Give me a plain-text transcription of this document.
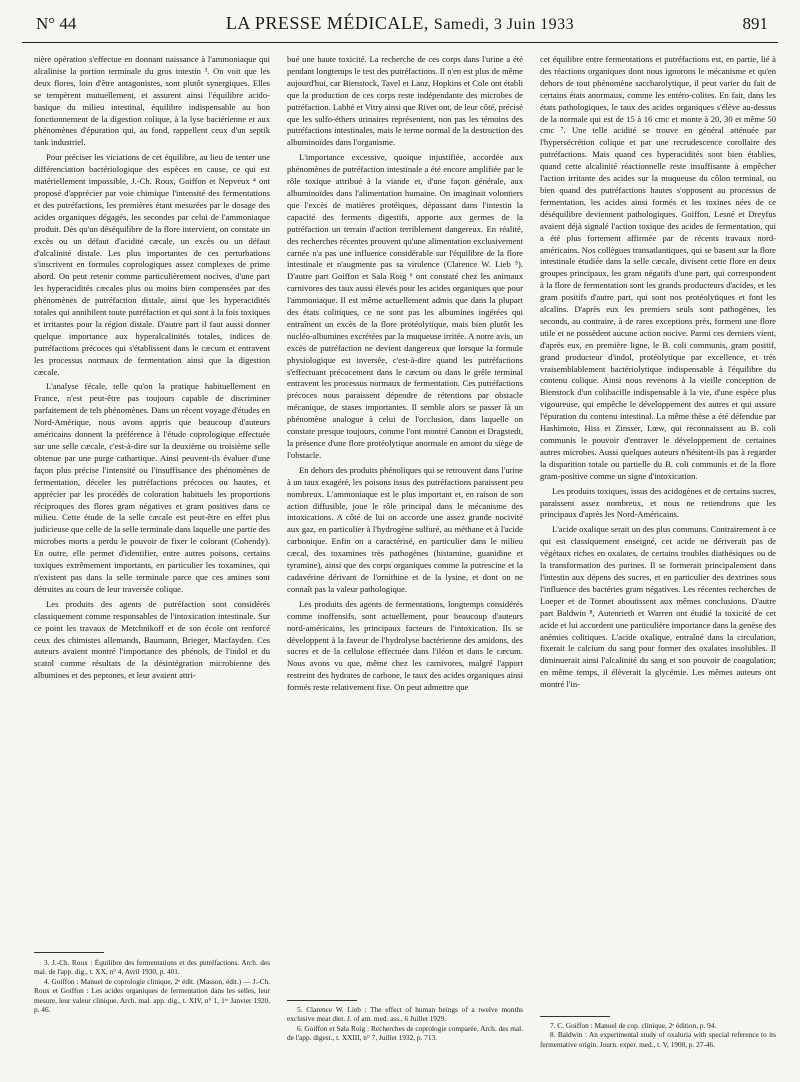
N° 44	LA PRESSE MÉDICALE, Samedi, 3 Juin 1933	891

nière opération s'effectue en donnant naissance à l'ammoniaque qui alcalinise la portion terminale du gros intestin ³. On voit que les deux flores, loin d'être antagonistes, sont plutôt synergiques. Elles se tempèrent mutuellement, et assurent ainsi l'équilibre acido-basique du milieu intestinal, équilibre indispensable au bon fonctionnement de la digestion colique, à la lyse bactérienne et aux phénomènes d'épuration qui, au fond, rappellent ceux d'un septik tank industriel.

Pour préciser les viciations de cet équilibre, au lieu de tenter une différenciation bactériologique des espèces en cause, ce qui est matériellement impossible, J.-Ch. Roux, Goiffon et Nepveux ⁴ ont proposé d'apprécier par voie chimique l'intensité des fermentations et des putréfactions, les premières étant mesurées par le dosage des acides organiques dégagés, les secondes par celui de l'ammoniaque produit. Dès qu'un déséquilibre de la flore intervient, on constate un excès ou un défaut d'acidité cæcale, un excès ou un défaut d'alcalinité distale. Les plus importantes de ces perturbations s'inscrivent en formules coprologiques assez complexes de prime abord. On peut retenir comme particulièrement nocives, d'une part les hyperacidités cæcales plus ou moins bien compensées par des phénomènes de putréfaction distale, ainsi que les hyperacidités totales qui annihilent toute putréfaction et qui sont à la fois toxiques et irritantes pour la région distale. D'autre part il faut aussi donner quelque importance aux hyperalcalinités totales, indices de putréfactions précoces qui s'établissent dans le cæcum et entravent les processus normaux de fermentation ainsi que la digestion cæcale.

L'analyse fécale, telle qu'on la pratique habituellement en France, n'est peut-être pas toujours capable de discriminer parfaitement de tels phénomènes. Dans un récent voyage d'études en Nord-Amérique, nous avons appris que beaucoup d'auteurs américains donnent la préférence à l'étude coprologique effectuée sur une selle cæcale, c'est-à-dire sur la deuxième ou troisième selle obtenue par une purge cathartique. Ainsi peuvent-ils évaluer d'une façon plus précise l'intensité ou l'insuffisance des phénomènes de fermentation, déceler les putréfactions précoces ou hautes, et apprécier par les procédés de coloration habituels les proportions réciproques des flores gram négatives et gram positives dans ce milieu. Cette étude de la selle cæcale est peut-être en effet plus judicieuse que celle de la selle terminale dans laquelle une partie des microbes morts a perdu le pouvoir de fixer le colorant (Cohendy). En outre, elle permet d'identifier, entre autres poisons, certains toxiques extrêmement importants, en particulier les toxamines, qui n'existent pas dans la selle terminale parce que ces amines sont détruites au cours de leur traversée colique.

Les produits des agents de putréfaction sont considérés classiquement comme responsables de l'intoxication intestinale. Sur ce point les travaux de Metchnikoff et de son école ont renforcé ceux des chimistes allemands, Baumann, Brieger, Macfayden. Ces auteurs avaient montré l'importance des phénols, de l'indol et du scatol comme résultats de la désintégration microbienne des albumines et des peptones, et leur avaient attri-

3. J.-Ch. Roux : Équilibre des fermentations et des putréfactions. Arch. des mal. de l'app. dig., t. XX, n° 4, Avril 1930, p. 401.

4. Goiffon : Manuel de coprologie clinique, 2ᵉ édit. (Masson, édit.) — J.-Ch. Roux et Goiffon : Les acides organiques de fermentation dans les selles, leur mesure, leur valeur clinique. Arch. mal. app. dig., t. XIV, n° 1, 1ᵉʳ Janvier 1920, p. 46.

bué une haute toxicité. La recherche de ces corps dans l'urine a été pendant longtemps le test des putréfactions. Il n'en est plus de même aujourd'hui, car Bienstock, Tavel et Lanz, Hopkins et Cole ont établi que la production de ces corps reste indépendante des microbes de putréfaction. Labhé et Vitry ainsi que Rivet ont, de leur côté, précisé que les sulfo-éthers urinaires représentent, non pas les témoins des putréfactions intestinales, mais le terme normal de la destruction des albuminoïdes dans l'organisme.

L'importance excessive, quoique injustifiée, accordée aux phénomènes de putréfaction intestinale a été encore amplifiée par le rôle toxique attribué à la viande et, d'une façon générale, aux albuminoïdes dans l'alimentation humaine. On imaginait volontiers que l'excès de matières protéiques, dépassant dans l'intestin la capacité des ferments digestifs, apporte aux germes de la putréfaction un terrain d'action terriblement dangereux. En réalité, des recherches récentes prouvent qu'une alimentation exclusivement carnée n'a pas une influence considérable sur l'équilibre de la flore intestinale et n'augmente pas sa virulence (Clarence W. Lieb ⁵). D'autre part Goiffon et Sala Roig ⁶ ont constaté chez les animaux carnivores des taux aussi élevés pour les acides organiques que pour l'ammoniaque. Il est même actuellement admis que dans la plupart des états colitiques, ce ne sont pas les albumines ingérées qui entraînent un excès de la flore protéolytique, mais bien plutôt les nucléo-albumines excrétées par la muqueuse irritée. A notre avis, un excès de putréfaction ne devient dangereux que lorsque la formule physiologique est inversée, c'est-à-dire quand les putréfactions s'effectuant précocement dans le cæcum ou dans le grêle terminal entravent les processus normaux de fermentation. Ces putréfactions précoces nous paraissent dépendre de rétentions par obstacle mécanique, de stases importantes. Il semble alors se passer là un phénomène analogue à celui de l'occlusion, dans laquelle on constate presque toujours, comme l'ont montré Cannon et Dragstedt, la présence d'une flore protéolytique anormale en amont du siège de l'obstacle.

En dehors des produits phénoliques qui se retrouvent dans l'urine à un taux exagéré, les poisons issus des putréfactions paraissent peu nombreux. L'ammoniaque est le plus important et, en raison de son action diffusible, joue le rôle principal dans le mécanisme des intoxications. A côté de lui on accorde une assez grande nocivité aux gaz, en particulier à l'hydrogène sulfuré, au méthane et à l'acide carbonique. Enfin on a caractérisé, en particulier dans le milieu cæcal, des toxamines très pathogènes (histamine, guanidine et tyramine), ainsi que des corps organiques comme la putrescine et la cadavérine dérivant de l'ornithine et de la lysine, et dont on ne connaît pas la valeur pathologique.

Les produits des agents de fermentations, longtemps considérés comme inoffensifs, sont actuellement, pour beaucoup d'auteurs nord-américains, les principaux facteurs de l'intoxication. Ils se développent à la faveur de l'hydrolyse bactérienne des amidons, des sucres et de la cellulose effectuée dans l'iléon et dans le cæcum. Nous avons vu que, même chez les carnivores, malgré l'apport restreint des hydrates de carbone, le taux des acides organiques ainsi formés reste relativement fixe. On peut admettre que

5. Clarence W. Lieb : The effect of human beings of a twelve months exclusive meat diet. J. of am. med. ass., 6 Juillet 1929.

6. Goiffon et Sala Roig : Recherches de coprologie comparée. Arch. des mal. de l'app. digest., t. XXIII, n° 7, Juillet 1932, p. 713.

cet équilibre entre fermentations et putréfactions est, en partie, lié à des réactions organiques dont nous ignorons le mécanisme et qu'en dehors de tout phénomène saccharolytique, il peut varier du fait de certains états anormaux, comme les entéro-colites. En fait, dans les états pathologiques, le taux des acides organiques s'élève au-dessus de la normale qui est de 15 à 16 cmc et monte à 20, 30 et même 50 cmc ⁷. Une telle acidité se trouve en général atténuée par l'hypersécrétion colique et par une recrudescence corollaire des putréfactions. Mais quand ces hyperacidités sont bien établies, quand cette alcalinité réactionnelle reste insuffisante à empêcher l'action irritante des acides sur la muqueuse du côlon terminal, ou bien quand des putréfactions hautes s'opposent au processus de fermentation, les acides ainsi formés et les toxines nées de ce déséquilibre deviennent pathologiques. Goiffon, Lesné et Dreyfus avaient déjà signalé l'action toxique des acides de fermentation, qui a été plus fortement affirmée par de récents travaux nord-américains. Nos collègues transatlantiques, qui se basent sur la flore intestinale étudiée dans la selle cæcale, divisent cette flore en deux groupes principaux, les gram négatifs d'une part, qui correspondent à la flore de fermentation sont les grands producteurs d'acides, et les gram positifs d'autre part, qui sont nos protéolytiques et font les alcalins. D'après eux les premiers seuls sont pathogènes, les seconds, au contraire, à de rares exceptions près, forment une flore utile et ne possèdent aucune action nocive. Parmi ces derniers vient, d'après eux, en première ligne, le B. coli communis, gram positif, grand producteur d'indol, protéolytique par excellence, et très vraisemblablement bactériolytique indispensable à l'équilibre du contenu colique. Ainsi nous revenons à la vieille conception de Bienstock d'un colibacille indispensable à la vie, d'une espèce plus vigoureuse, qui empêche le développement des autres et qui assure l'épuration du contenu intestinal. La même thèse a été défendue par Hashimoto, Hiss et Zinsser, Lœw, qui reconnaissent au B. coli communis le pouvoir d'entraver le développement de certaines autres microbes. Aussi quelques auteurs n'hésitent-ils pas à regarder la disparition totale ou partielle du B. coli communis et de la flore gram-positive comme un signe d'intoxication.

Les produits toxiques, issus des acidogènes et de certains sucres, paraissent assez nombreux, et nous ne retiendrons que les principaux d'après les Nord-Américains.

L'acide oxalique serait un des plus communs. Contrairement à ce qui est classiquement enseigné, cet acide ne dériverait pas de végétaux riches en oxalates, de certains troubles diathésiques ou de la transformation des purines. Il se formerait principalement dans l'intestin aux dépens des sucres, et en particulier des dextrines sous l'influence des bactéries gram négatives. Les récentes recherches de Loeper et de Tonnet aboutissent aux mêmes conclusions. D'autre part Baldwin ⁸, Autenrieth et Warren ont étudié la toxicité de cet acide et lui accordent une particulière importance dans la genèse des anémies colitiques. L'acide oxalique, entraîné dans la circulation, fixerait le calcium du sang pour former des oxalates insolubles. Il diminuerait ainsi l'alcalinité du sang et son pouvoir de coagulation; en même temps, il élèverait la glycémie. Les mêmes auteurs ont montré l'in-

7. C. Goiffon : Manuel de cop. clinique, 2ᵉ édition, p. 94.

8. Baldwin : An experimental study of oxaluria with special reference to its fermentative origin. Journ. exper. med., t. V, 1900, p. 27-46.
